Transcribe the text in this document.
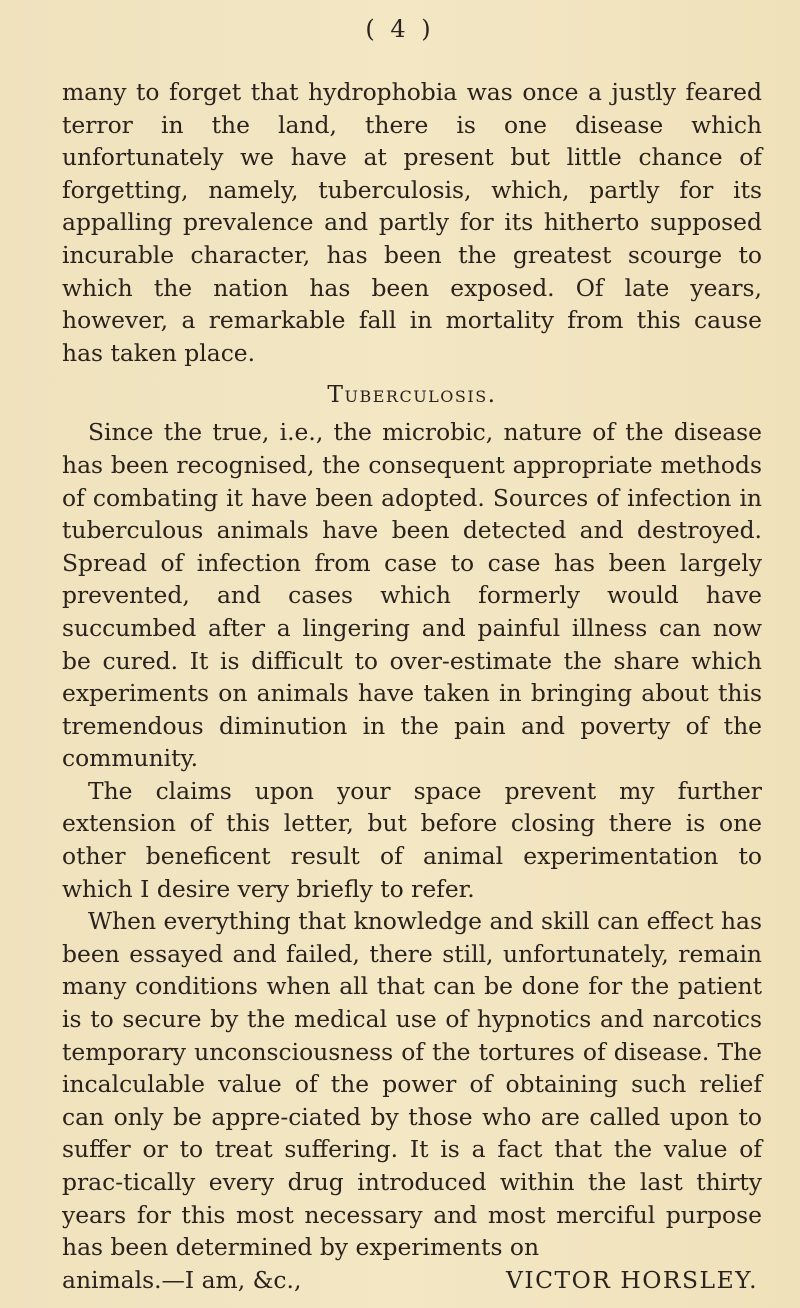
( 4 )

many to forget that hydrophobia was once a justly feared terror in the land, there is one disease which unfortunately we have at present but little chance of forgetting, namely, tuberculosis, which, partly for its appalling prevalence and partly for its hitherto supposed incurable character, has been the greatest scourge to which the nation has been exposed. Of late years, however, a remarkable fall in mortality from this cause has taken place.

Tuberculosis.

Since the true, i.e., the microbic, nature of the disease has been recognised, the consequent appropriate methods of combating it have been adopted. Sources of infection in tuberculous animals have been detected and destroyed. Spread of infection from case to case has been largely prevented, and cases which formerly would have succumbed after a lingering and painful illness can now be cured. It is difficult to over-estimate the share which experiments on animals have taken in bringing about this tremendous diminution in the pain and poverty of the community.

The claims upon your space prevent my further extension of this letter, but before closing there is one other beneficent result of animal experimentation to which I desire very briefly to refer.

When everything that knowledge and skill can effect has been essayed and failed, there still, unfortunately, remain many conditions when all that can be done for the patient is to secure by the medical use of hypnotics and narcotics temporary unconsciousness of the tortures of disease. The incalculable value of the power of obtaining such relief can only be appre-ciated by those who are called upon to suffer or to treat suffering. It is a fact that the value of prac-tically every drug introduced within the last thirty years for this most necessary and most merciful purpose has been determined by experiments on

animals.—I am, &c.,	VICTOR HORSLEY.
